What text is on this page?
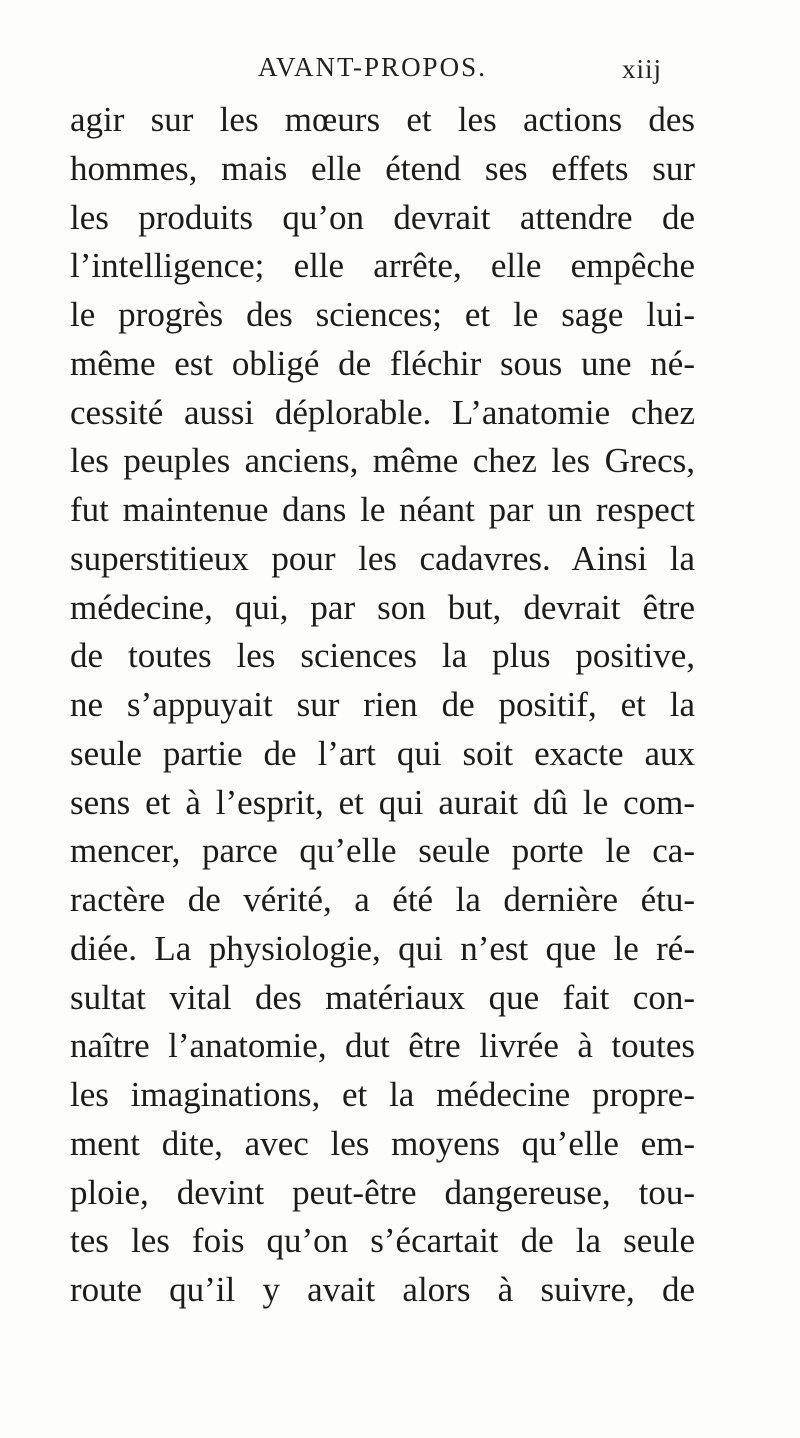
AVANT-PROPOS.	xiij
agir sur les mœurs et les actions des
hommes, mais elle étend ses effets sur
les produits qu’on devrait attendre de
l’intelligence; elle arrête, elle empêche
le progrès des sciences; et le sage lui-
même est obligé de fléchir sous une né-
cessité aussi déplorable. L’anatomie chez
les peuples anciens, même chez les Grecs,
fut maintenue dans le néant par un respect
superstitieux pour les cadavres. Ainsi la
médecine, qui, par son but, devrait être
de toutes les sciences la plus positive,
ne s’appuyait sur rien de positif, et la
seule partie de l’art qui soit exacte aux
sens et à l’esprit, et qui aurait dû le com-
mencer, parce qu’elle seule porte le ca-
ractère de vérité, a été la dernière étu-
diée. La physiologie, qui n’est que le ré-
sultat vital des matériaux que fait con-
naître l’anatomie, dut être livrée à toutes
les imaginations, et la médecine propre-
ment dite, avec les moyens qu’elle em-
ploie, devint peut-être dangereuse, tou-
tes les fois qu’on s’écartait de la seule
route qu’il y avait alors à suivre, de
